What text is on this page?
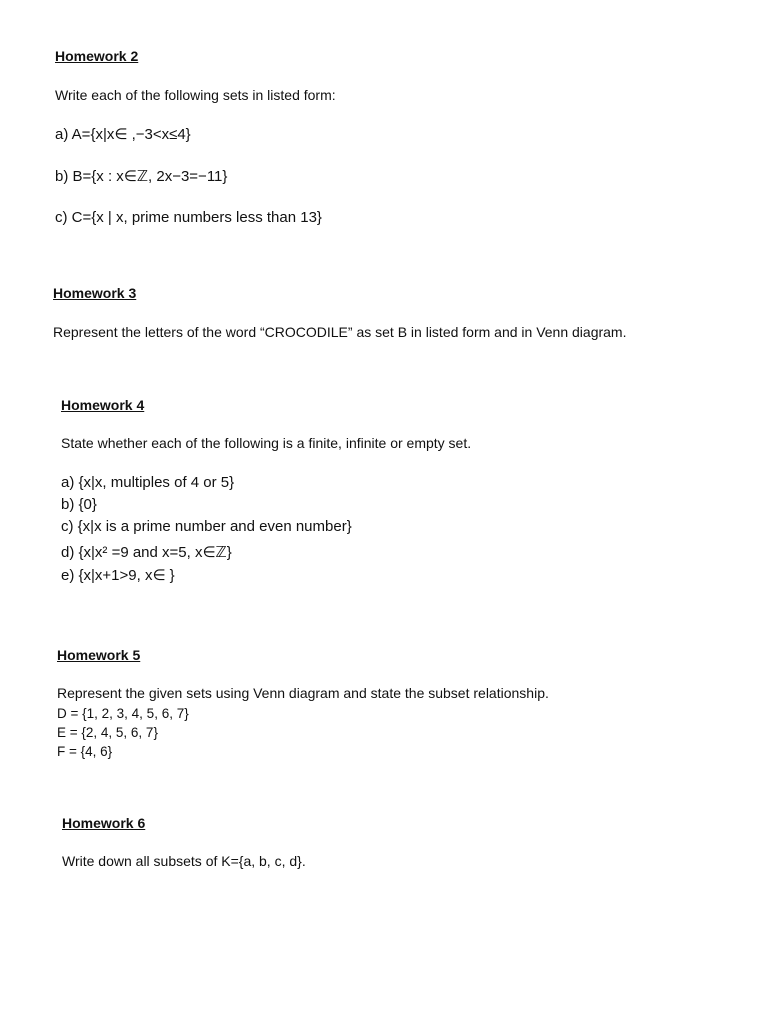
Homework 2
Write each of the following sets in listed form:
a) A={x|x∈ ,−3<x≤4}
b) B={x : x∈ℤ, 2x−3=−11}
c) C={x | x, prime numbers less than 13}
Homework 3
Represent the letters of the word “CROCODILE” as set B in listed form and in Venn diagram.
Homework 4
State whether each of the following is a finite, infinite or empty set.
a) {x|x, multiples of 4 or 5}
b) {0}
c) {x|x is a prime number and even number}
d) {x|x² =9 and x=5, x∈ℤ}
e) {x|x+1>9, x∈ }
Homework 5
Represent the given sets using Venn diagram and state the subset relationship.
D = {1, 2, 3, 4, 5, 6, 7}
E = {2, 4, 5, 6, 7}
F = {4, 6}
Homework 6
Write down all subsets of K={a, b, c, d}.
